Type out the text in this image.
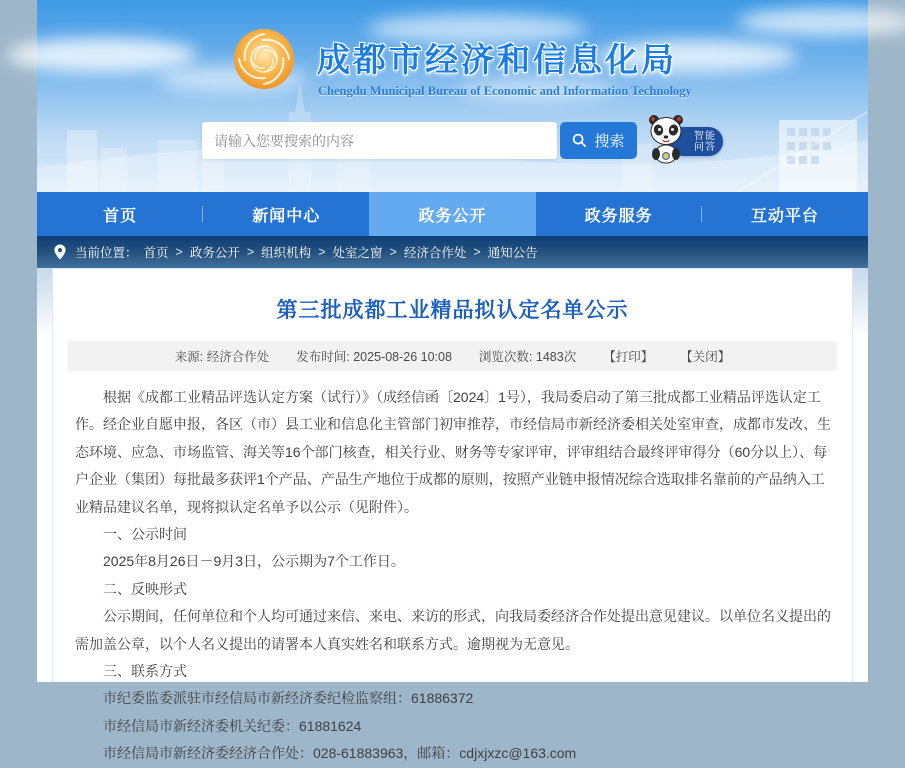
成都市经济和信息化局
Chengdu Municipal Bureau of Economic and Information Technology
请输入您要搜索的内容
搜索	智能
问答
首页	新闻中心	政务公开	政务服务	互动平台
当前位置： 首页 > 政务公开 > 组织机构 > 处室之窗 > 经济合作处 > 通知公告
第三批成都工业精品拟认定名单公示
来源: 经济合作处 发布时间: 2025-08-26 10:08 浏览次数: 1483次 【打印】 【关闭】

根据《成都工业精品评选认定方案（试行）》（成经信函〔2024〕1号），我局委启动了第三批成都工业精品评选认定工作。经企业自愿申报，各区（市）县工业和信息化主管部门初审推荐，市经信局市新经济委相关处室审查，成都市发改、生态环境、应急、市场监管、海关等16个部门核查，相关行业、财务等专家评审，评审组结合最终评审得分（60分以上）、每户企业（集团）每批最多获评1个产品、产品生产地位于成都的原则，按照产业链申报情况综合选取排名靠前的产品纳入工业精品建议名单，现将拟认定名单予以公示（见附件）。

一、公示时间

2025年8月26日－9月3日，公示期为7个工作日。

二、反映形式

公示期间，任何单位和个人均可通过来信、来电、来访的形式，向我局委经济合作处提出意见建议。以单位名义提出的需加盖公章，以个人名义提出的请署本人真实姓名和联系方式。逾期视为无意见。

三、联系方式

市纪委监委派驻市经信局市新经济委纪检监察组：61886372

市经信局市新经济委机关纪委：61881624

市经信局市新经济委经济合作处：028-61883963，邮箱：cdjxjxzc@163.com
